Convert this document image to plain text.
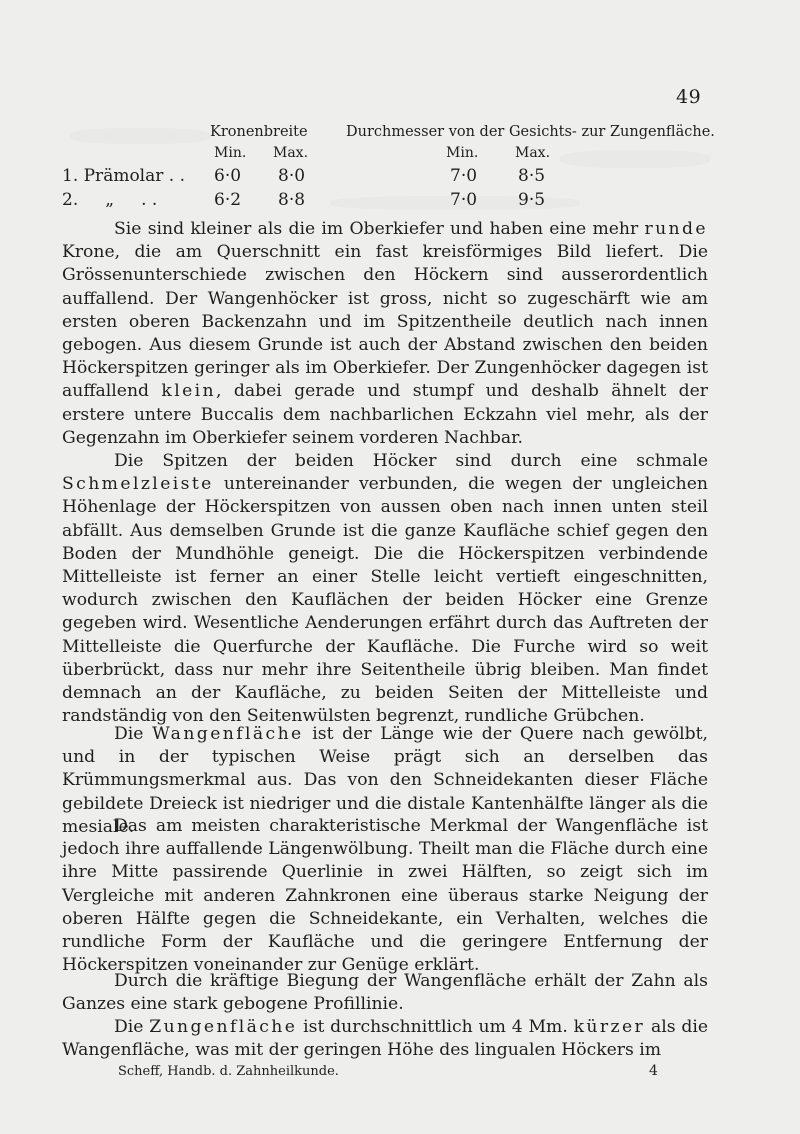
49
Kronenbreite	Durchmesser von der Gesichts- zur Zungenfläche.
Min. Max.	Min.	Max.
1. Prämolar . . 6·0 8·0	7·0 8·5
2.     „     . .	6·2 8·8	7·0 9·5

Sie sind kleiner als die im Oberkiefer und haben eine mehr runde Krone, die am Querschnitt ein fast kreisförmiges Bild liefert. Die Grössenunterschiede zwischen den Höckern sind ausserordentlich auffallend. Der Wangenhöcker ist gross, nicht so zugeschärft wie am ersten oberen Backenzahn und im Spitzentheile deutlich nach innen gebogen. Aus diesem Grunde ist auch der Abstand zwischen den beiden Höckerspitzen geringer als im Oberkiefer. Der Zungenhöcker dagegen ist auffallend klein, dabei gerade und stumpf und deshalb ähnelt der erstere untere Buccalis dem nachbarlichen Eckzahn viel mehr, als der Gegenzahn im Oberkiefer seinem vorderen Nachbar.

Die Spitzen der beiden Höcker sind durch eine schmale Schmelzleiste untereinander verbunden, die wegen der ungleichen Höhenlage der Höckerspitzen von aussen oben nach innen unten steil abfällt. Aus demselben Grunde ist die ganze Kaufläche schief gegen den Boden der Mundhöhle geneigt. Die die Höckerspitzen verbindende Mittelleiste ist ferner an einer Stelle leicht vertieft eingeschnitten, wodurch zwischen den Kauflächen der beiden Höcker eine Grenze gegeben wird. Wesentliche Aenderungen erfährt durch das Auftreten der Mittelleiste die Querfurche der Kaufläche. Die Furche wird so weit überbrückt, dass nur mehr ihre Seitentheile übrig bleiben. Man findet demnach an der Kaufläche, zu beiden Seiten der Mittelleiste und randständig von den Seitenwülsten begrenzt, rundliche Grübchen.

Die Wangenfläche ist der Länge wie der Quere nach gewölbt, und in der typischen Weise prägt sich an derselben das Krümmungsmerkmal aus. Das von den Schneidekanten dieser Fläche gebildete Dreieck ist niedriger und die distale Kantenhälfte länger als die mesiale.

Das am meisten charakteristische Merkmal der Wangenfläche ist jedoch ihre auffallende Längenwölbung. Theilt man die Fläche durch eine ihre Mitte passirende Querlinie in zwei Hälften, so zeigt sich im Vergleiche mit anderen Zahnkronen eine überaus starke Neigung der oberen Hälfte gegen die Schneidekante, ein Verhalten, welches die rundliche Form der Kaufläche und die geringere Entfernung der Höckerspitzen voneinander zur Genüge erklärt.

Durch die kräftige Biegung der Wangenfläche erhält der Zahn als Ganzes eine stark gebogene Profillinie.

Die Zungenfläche ist durchschnittlich um 4 Mm. kürzer als die Wangenfläche, was mit der geringen Höhe des lingualen Höckers im

Scheff, Handb. d. Zahnheilkunde.	4
